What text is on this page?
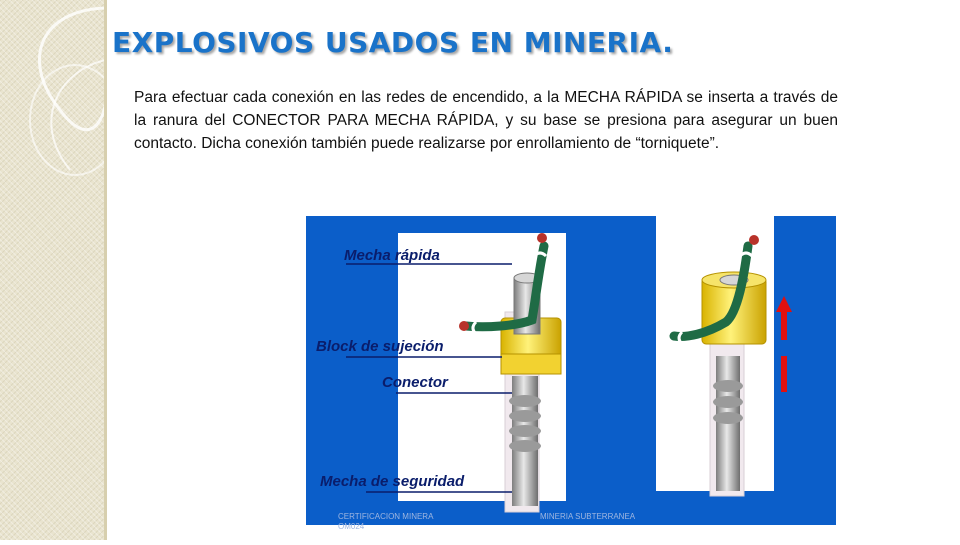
EXPLOSIVOS USADOS EN MINERIA.
Para efectuar cada conexión en las redes de encendido, a la MECHA RÁPIDA se inserta a través de la ranura del CONECTOR PARA MECHA RÁPIDA, y su base se presiona para asegurar un buen contacto. Dicha conexión también puede realizarse por enrollamiento de “torniquete”.
Mecha rápida
Block de sujeción
Conector
Mecha de seguridad
CERTIFICACION MINERA OM024
MINERIA SUBTERRANEA
